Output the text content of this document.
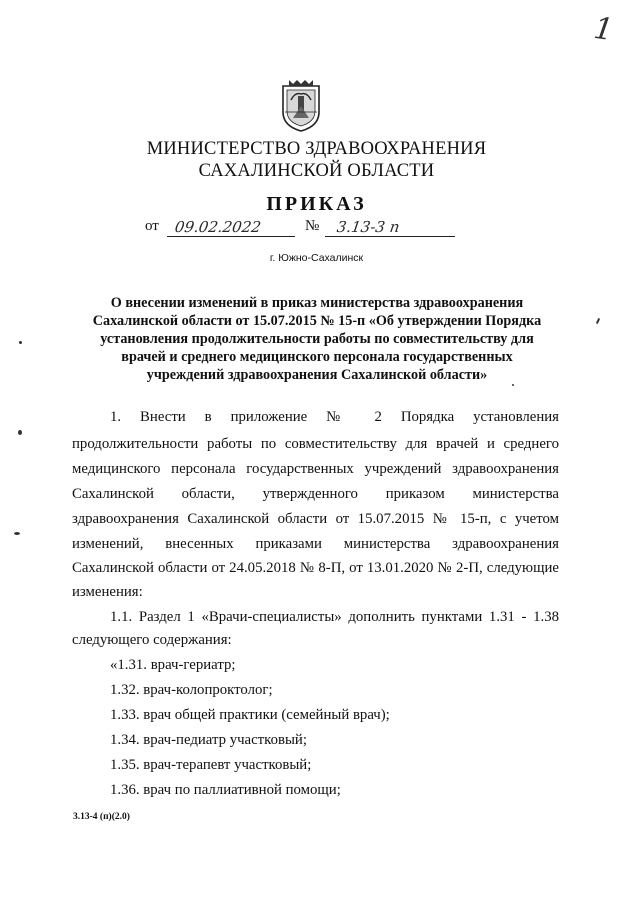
1
МИНИСТЕРСТВО ЗДРАВООХРАНЕНИЯ
САХАЛИНСКОЙ ОБЛАСТИ
ПРИКАЗ
от 09.02.2022	№ 3.13-3 п
г. Южно-Сахалинск
О внесении изменений в приказ министерства здравоохранения
Сахалинской области от 15.07.2015 № 15-п «Об утверждении Порядка
установления продолжительности работы по совместительству для
врачей и среднего медицинского персонала государственных
учреждений здравоохранения Сахалинской области»
1. Внести в приложение № 2 Порядка установления
продолжительности работы по совместительству для врачей и среднего
медицинского персонала государственных учреждений здравоохранения
Сахалинской области, утвержденного приказом министерства
здравоохранения Сахалинской области от 15.07.2015 № 15-п, с учетом
изменений, внесенных приказами министерства здравоохранения
Сахалинской области от 24.05.2018 № 8-П, от 13.01.2020 № 2-П, следующие
изменения:
1.1. Раздел 1 «Врачи-специалисты» дополнить пунктами 1.31 - 1.38
следующего содержания:
«1.31. врач-гериатр;
1.32. врач-колопроктолог;
1.33. врач общей практики (семейный врач);
1.34. врач-педиатр участковый;
1.35. врач-терапевт участковый;
1.36. врач по паллиативной помощи;
3.13-4 (п)(2.0)
